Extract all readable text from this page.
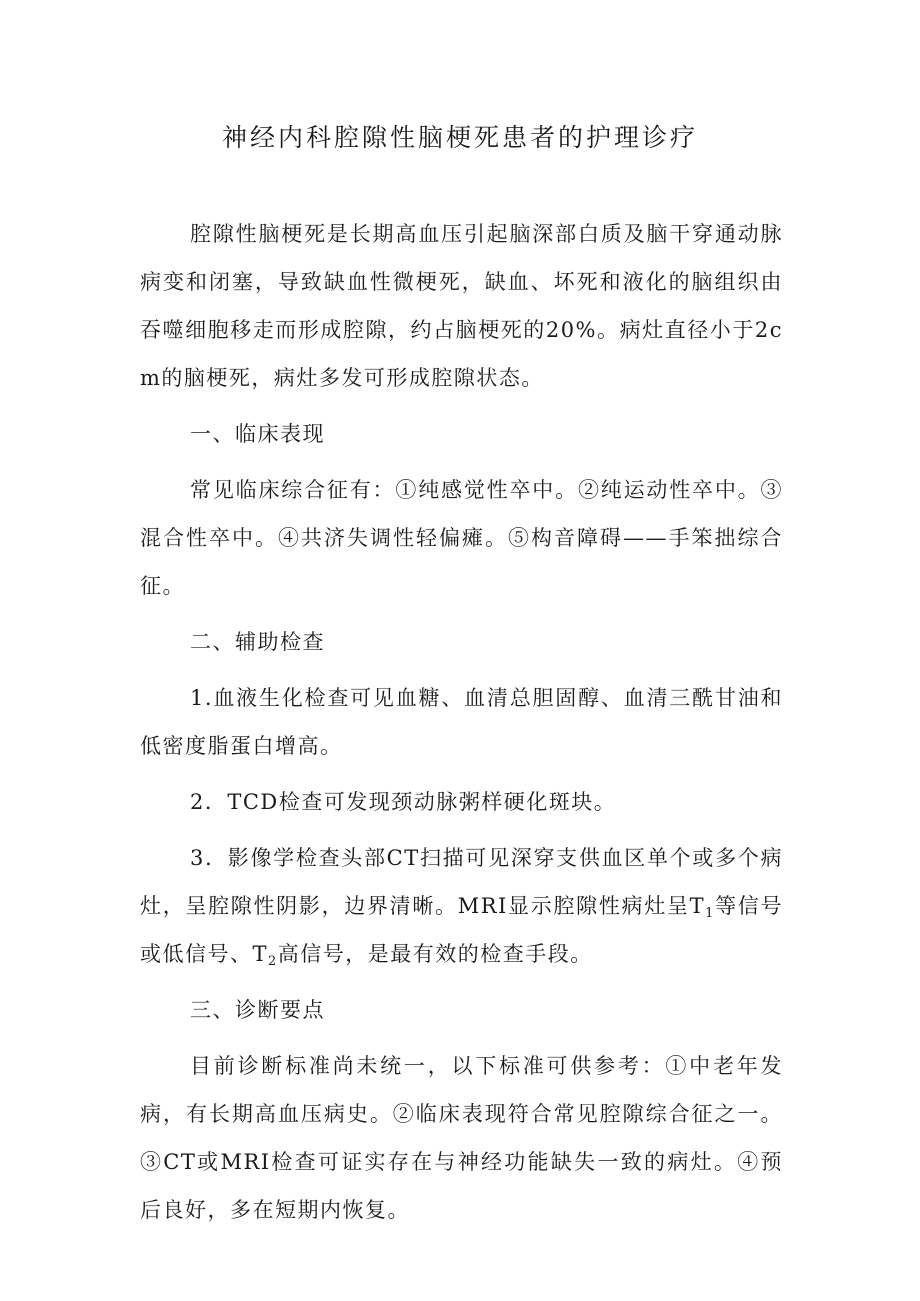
神经内科腔隙性脑梗死患者的护理诊疗

腔隙性脑梗死是长期高血压引起脑深部白质及脑干穿通动脉病变和闭塞，导致缺血性微梗死，缺血、坏死和液化的脑组织由吞噬细胞移走而形成腔隙，约占脑梗死的20%。病灶直径小于2cm的脑梗死，病灶多发可形成腔隙状态。

一、临床表现

常见临床综合征有：①纯感觉性卒中。②纯运动性卒中。③混合性卒中。④共济失调性轻偏瘫。⑤构音障碍——手笨拙综合征。

二、辅助检查

1.血液生化检查可见血糖、血清总胆固醇、血清三酰甘油和低密度脂蛋白增高。

2．TCD检查可发现颈动脉粥样硬化斑块。

3．影像学检查头部CT扫描可见深穿支供血区单个或多个病灶，呈腔隙性阴影，边界清晰。MRI显示腔隙性病灶呈$T_1$等信号或低信号、$T_2$高信号，是最有效的检查手段。

三、诊断要点

目前诊断标准尚未统一，以下标准可供参考：①中老年发病，有长期高血压病史。②临床表现符合常见腔隙综合征之一。③CT或MRI检查可证实存在与神经功能缺失一致的病灶。④预后良好，多在短期内恢复。
